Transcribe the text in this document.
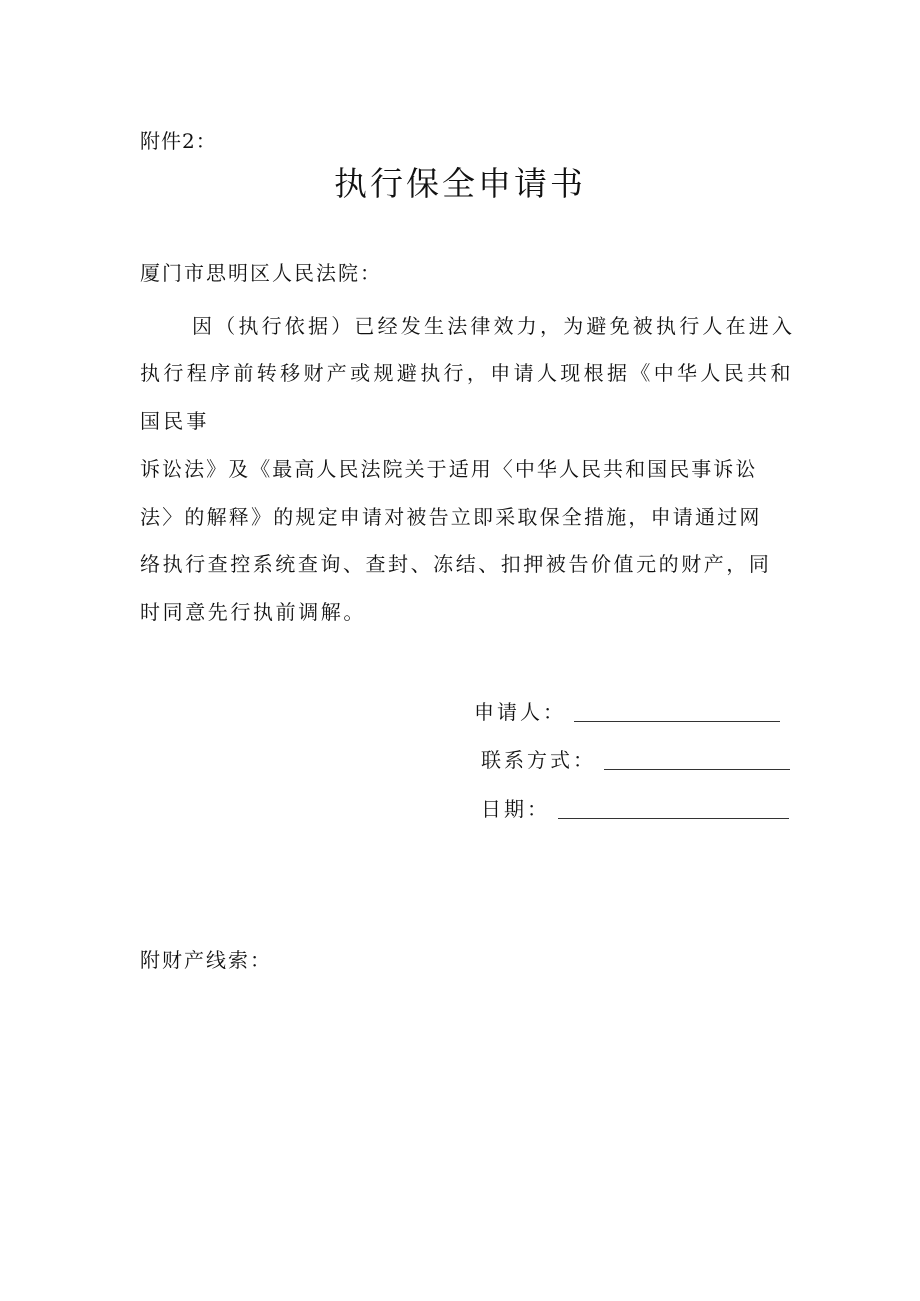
附件2：
执行保全申请书
厦门市思明区人民法院：
因（执行依据）已经发生法律效力，为避免被执行人在进入
执行程序前转移财产或规避执行，申请人现根据《中华人民共和
国民事
诉讼法》及《最高人民法院关于适用〈中华人民共和国民事诉讼
法〉的解释》的规定申请对被告立即采取保全措施，申请通过网
络执行查控系统查询、查封、冻结、扣押被告价值元的财产，同
时同意先行执前调解。
申请人：
联系方式：
日期：
附财产线索：
